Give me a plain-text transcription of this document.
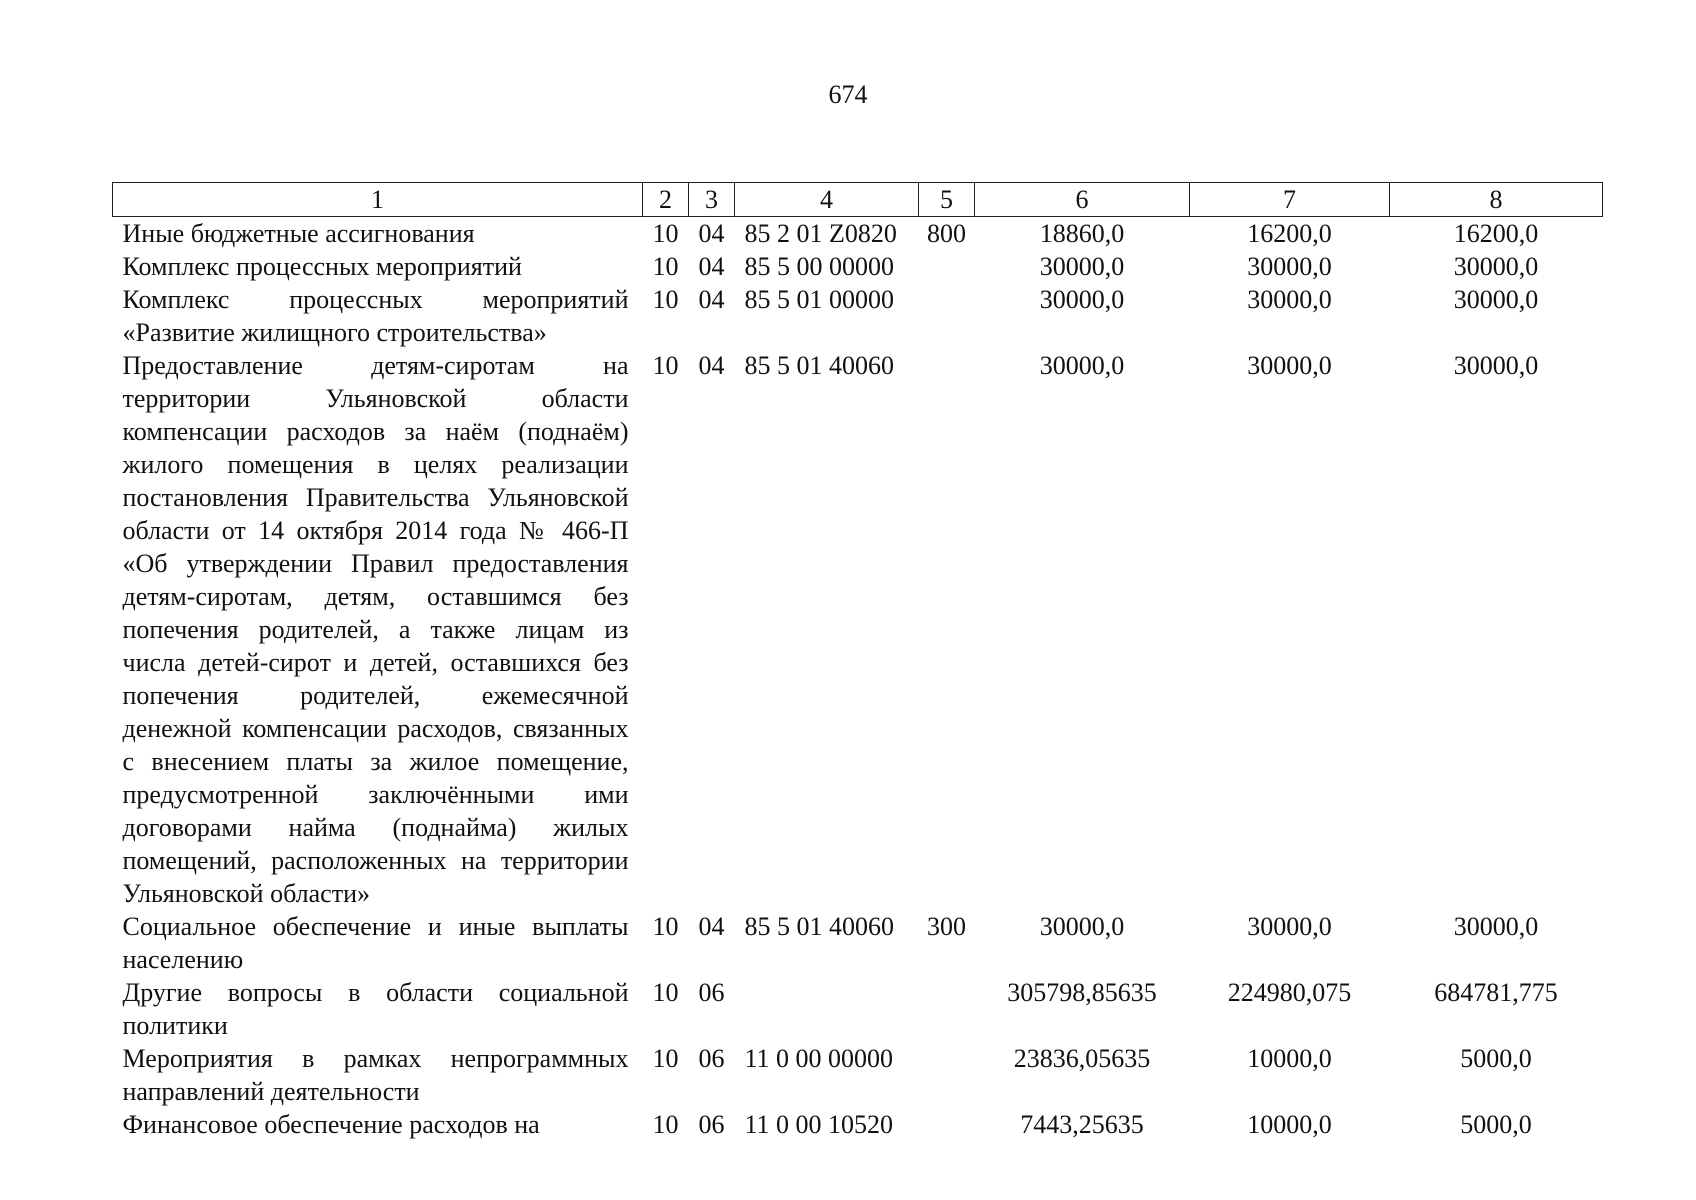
674
1	2	3	4	5	6	7	8
Иные бюджетные ассигнования	10	04	85 2 01 Z0820	800	18860,0	16200,0	16200,0
Комплекс процессных мероприятий	10	04	85 5 00 00000		30000,0	30000,0	30000,0
Комплекс процессных мероприятий «Развитие жилищного строительства»	10	04	85 5 01 00000		30000,0	30000,0	30000,0
Предоставление детям-сиротам на территории Ульяновской области компенсации расходов за наём (поднаём) жилого помещения в целях реализации постановления Правительства Ульяновской области от 14 октября 2014 года № 466-П «Об утверждении Правил предоставления детям-сиротам, детям, оставшимся без попечения родителей, а также лицам из числа детей-сирот и детей, оставшихся без попечения родителей, ежемесячной денежной компенсации расходов, связанных с внесением платы за жилое помещение, предусмотренной заключёнными ими договорами найма (поднайма) жилых помещений, расположенных на территории Ульяновской области»	10	04	85 5 01 40060		30000,0	30000,0	30000,0
Социальное обеспечение и иные выплаты населению	10	04	85 5 01 40060	300	30000,0	30000,0	30000,0
Другие вопросы в области социальной политики	10	06			305798,85635	224980,075	684781,775
Мероприятия в рамках непрограммных направлений деятельности	10	06	11 0 00 00000		23836,05635	10000,0	5000,0
Финансовое обеспечение расходов на	10	06	11 0 00 10520		7443,25635	10000,0	5000,0
